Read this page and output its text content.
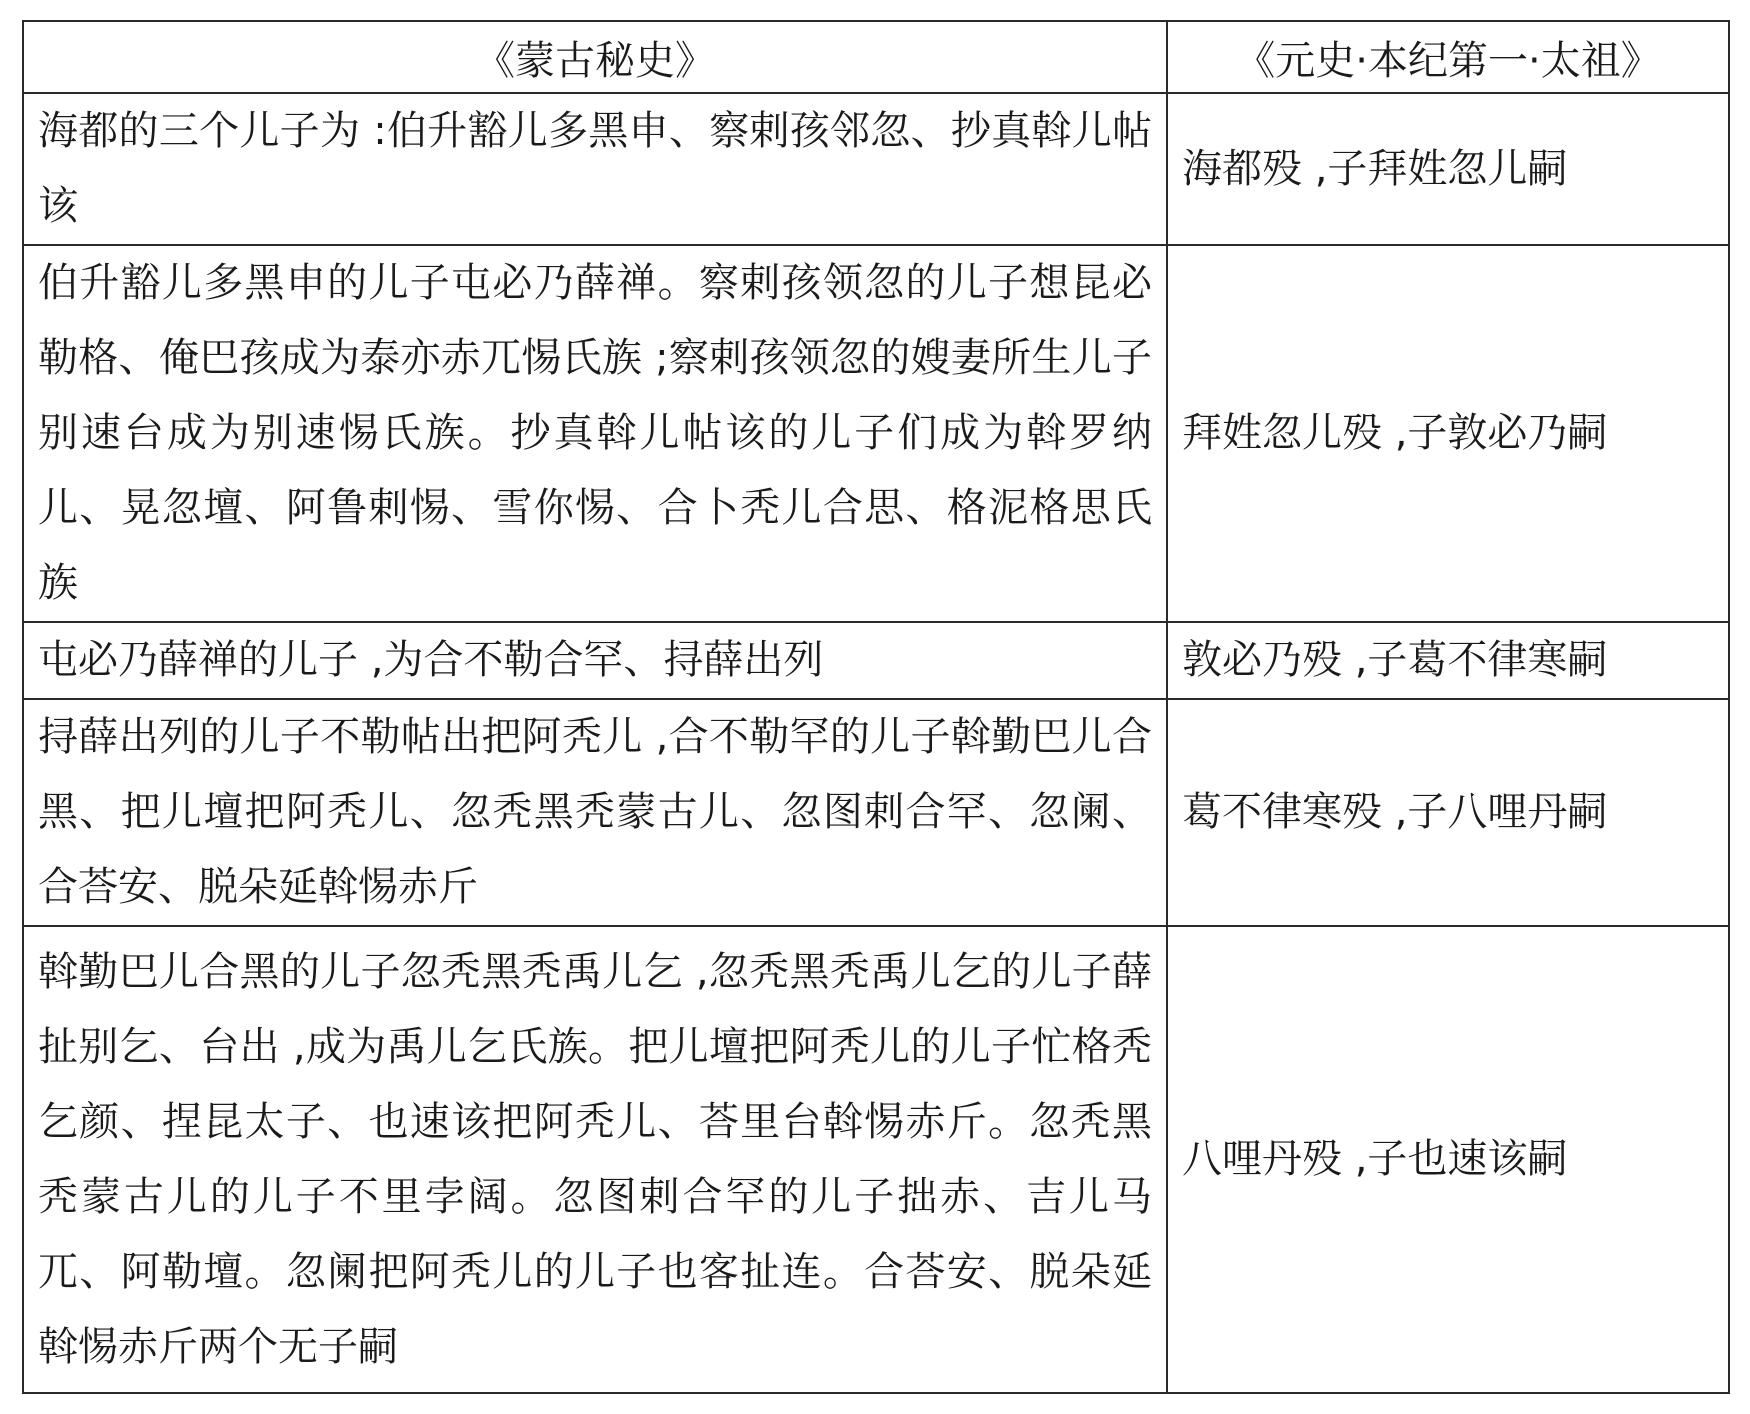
《蒙古秘史》	《元史·本纪第一·太祖》
海都的三个儿子为 :伯升豁儿多黑申、察剌孩邻忽、抄真斡儿帖该	海都殁 ,子拜姓忽儿嗣
伯升豁儿多黑申的儿子屯必乃薛禅。察剌孩领忽的儿子想昆必勒格、俺巴孩成为泰亦赤兀惕氏族 ;察剌孩领忽的嫂妻所生儿子别速台成为别速惕氏族。抄真斡儿帖该的儿子们成为斡罗纳儿、晃忽壇、阿鲁剌惕、雪你惕、合卜秃儿合思、格泥格思氏族	拜姓忽儿殁 ,子敦必乃嗣
屯必乃薛禅的儿子 ,为合不勒合罕、挦薛出列	敦必乃殁 ,子葛不律寒嗣
挦薛出列的儿子不勒帖出把阿秃儿 ,合不勒罕的儿子斡勤巴儿合黑、把儿壇把阿秃儿、忽秃黑秃蒙古儿、忽图剌合罕、忽阑、合荅安、脱朵延斡惕赤斤	葛不律寒殁 ,子八哩丹嗣
斡勤巴儿合黑的儿子忽秃黑秃禹儿乞 ,忽秃黑秃禹儿乞的儿子薛扯别乞、台出 ,成为禹儿乞氏族。把儿壇把阿秃儿的儿子忙格秃乞颜、捏昆太子、也速该把阿秃儿、荅里台斡惕赤斤。忽秃黑秃蒙古儿的儿子不里孛阔。忽图剌合罕的儿子拙赤、吉儿马兀、阿勒壇。忽阑把阿秃儿的儿子也客扯连。合荅安、脱朵延斡惕赤斤两个无子嗣	八哩丹殁 ,子也速该嗣
